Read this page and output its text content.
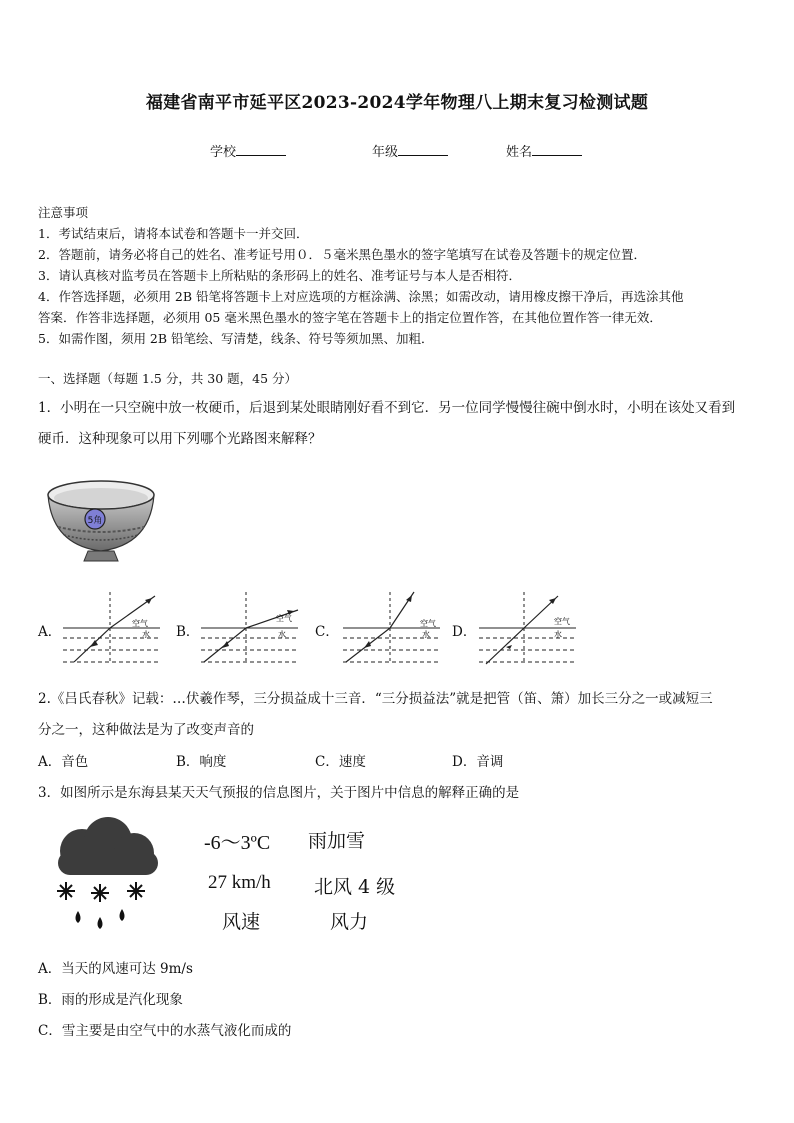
福建省南平市延平区2023-2024学年物理八上期末复习检测试题
学校	年级	姓名
注意事项
1．考试结束后，请将本试卷和答题卡一并交回．
2．答题前，请务必将自己的姓名、准考证号用０．５毫米黑色墨水的签字笔填写在试卷及答题卡的规定位置．
3．请认真核对监考员在答题卡上所粘贴的条形码上的姓名、准考证号与本人是否相符．
4．作答选择题，必须用 2B 铅笔将答题卡上对应选项的方框涂满、涂黑；如需改动，请用橡皮擦干净后，再选涂其他
答案．作答非选择题，必须用 05 毫米黑色墨水的签字笔在答题卡上的指定位置作答，在其他位置作答一律无效．
5．如需作图，须用 2B 铅笔绘、写清楚，线条、符号等须加黑、加粗．
一、选择题（每题 1.5 分，共 30 题，45 分）
1．小明在一只空碗中放一枚硬币，后退到某处眼睛刚好看不到它．另一位同学慢慢往碗中倒水时，小明在该处又看到
硬币．这种现象可以用下列哪个光路图来解释？
5角
A．	B．	C．	D．
空气
水
空气
水
空气
水
空气
水
2.《吕氏春秋》记载：…伏羲作琴，三分损益成十三音．“三分损益法”就是把管（笛、箫）加长三分之一或减短三
分之一，这种做法是为了改变声音的
A．音色	B．响度	C．速度	D．音调
3．如图所示是东海县某天天气预报的信息图片，关于图片中信息的解释正确的是
-6～3ºC 雨加雪
27 km/h 北风 4 级
风速	风力
A．当天的风速可达 9m/s
B．雨的形成是汽化现象
C．雪主要是由空气中的水蒸气液化而成的
